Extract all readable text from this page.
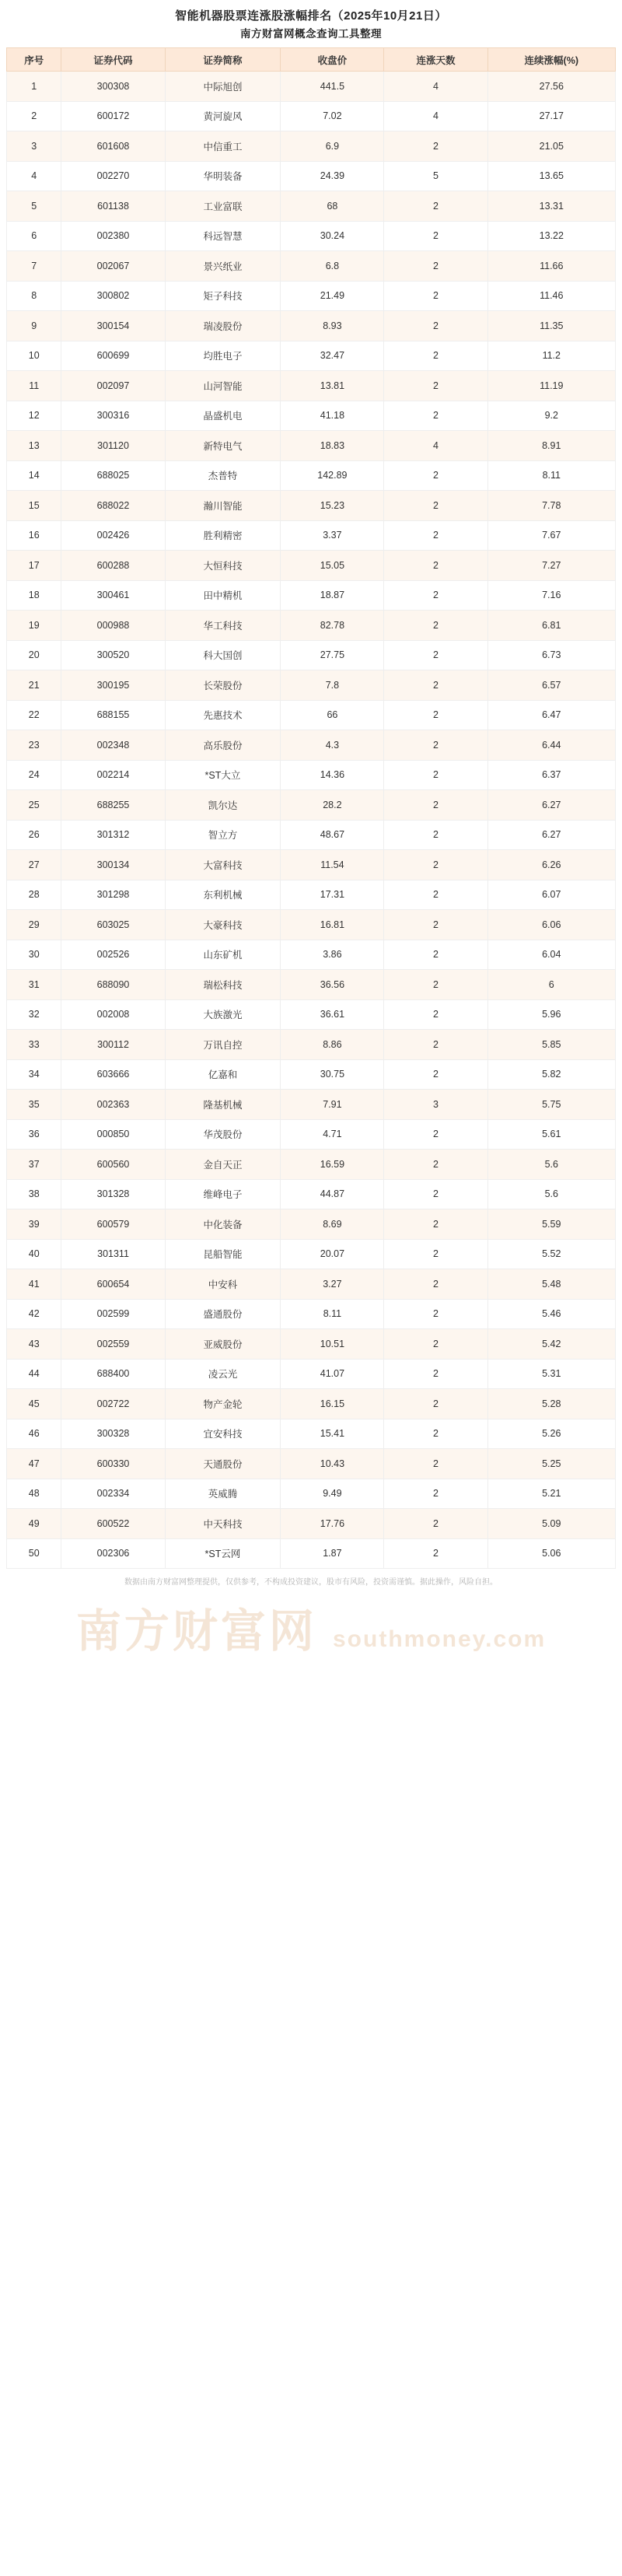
智能机器股票连涨股涨幅排名（2025年10月21日）
南方财富网概念查询工具整理
南方财富网 southmoney.com
序号	证券代码	证券简称	收盘价	连涨天数	连续涨幅(%)
1	300308	中际旭创	441.5	4	27.56
2	600172	黄河旋风	7.02	4	27.17
3	601608	中信重工	6.9	2	21.05
4	002270	华明装备	24.39	5	13.65
5	601138	工业富联	68	2	13.31
6	002380	科远智慧	30.24	2	13.22
7	002067	景兴纸业	6.8	2	11.66
8	300802	矩子科技	21.49	2	11.46
9	300154	瑞凌股份	8.93	2	11.35
10	600699	均胜电子	32.47	2	11.2
11	002097	山河智能	13.81	2	11.19
12	300316	晶盛机电	41.18	2	9.2
13	301120	新特电气	18.83	4	8.91
14	688025	杰普特	142.89	2	8.11
15	688022	瀚川智能	15.23	2	7.78
16	002426	胜利精密	3.37	2	7.67
17	600288	大恒科技	15.05	2	7.27
18	300461	田中精机	18.87	2	7.16
19	000988	华工科技	82.78	2	6.81
20	300520	科大国创	27.75	2	6.73
21	300195	长荣股份	7.8	2	6.57
22	688155	先惠技术	66	2	6.47
23	002348	高乐股份	4.3	2	6.44
24	002214	*ST大立	14.36	2	6.37
25	688255	凯尔达	28.2	2	6.27
26	301312	智立方	48.67	2	6.27
27	300134	大富科技	11.54	2	6.26
28	301298	东利机械	17.31	2	6.07
29	603025	大豪科技	16.81	2	6.06
30	002526	山东矿机	3.86	2	6.04
31	688090	瑞松科技	36.56	2	6
32	002008	大族激光	36.61	2	5.96
33	300112	万讯自控	8.86	2	5.85
34	603666	亿嘉和	30.75	2	5.82
35	002363	隆基机械	7.91	3	5.75
36	000850	华茂股份	4.71	2	5.61
37	600560	金自天正	16.59	2	5.6
38	301328	维峰电子	44.87	2	5.6
39	600579	中化装备	8.69	2	5.59
40	301311	昆船智能	20.07	2	5.52
41	600654	中安科	3.27	2	5.48
42	002599	盛通股份	8.11	2	5.46
43	002559	亚威股份	10.51	2	5.42
44	688400	凌云光	41.07	2	5.31
45	002722	物产金轮	16.15	2	5.28
46	300328	宜安科技	15.41	2	5.26
47	600330	天通股份	10.43	2	5.25
48	002334	英威腾	9.49	2	5.21
49	600522	中天科技	17.76	2	5.09
50	002306	*ST云网	1.87	2	5.06
数据由南方财富网整理提供，仅供参考，不构成投资建议，股市有风险，投资需谨慎。据此操作，风险自担。
